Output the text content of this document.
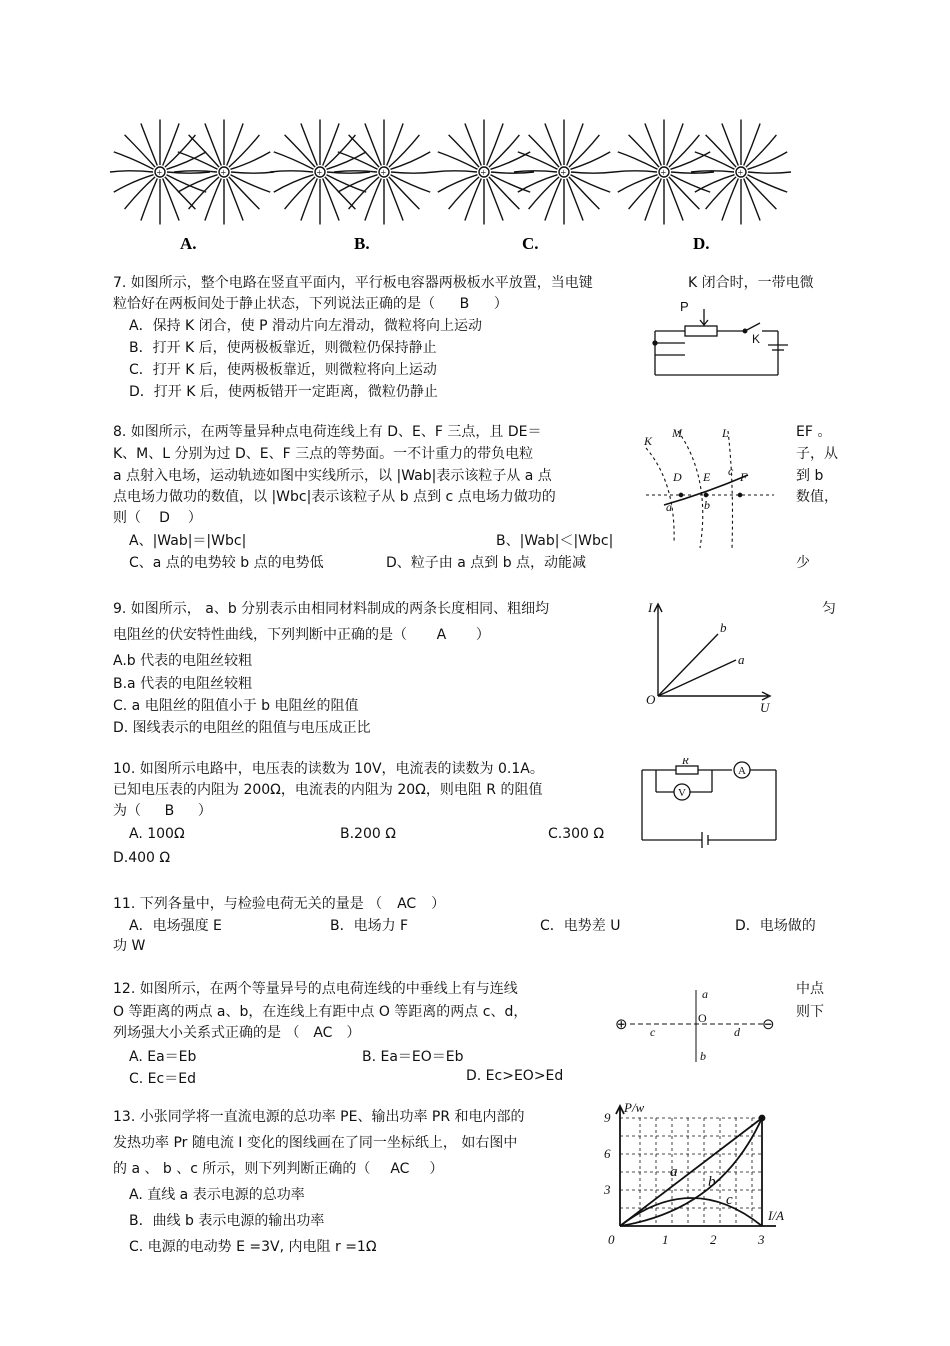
+	+	+	+	+	+	+	+
A.	B.	C.	D.
7. 如图所示，整个电路在竖直平面内，平行板电容器两极板水平放置，当电键	K 闭合时，一带电微
粒恰好在两板间处于静止状态，下列说法正确的是（ B ）
A．保持 K 闭合，使 P 滑动片向左滑动，微粒将向上运动
B．打开 K 后，使两极板靠近，则微粒仍保持静止
C．打开 K 后，使两极板靠近，则微粒将向上运动
D．打开 K 后，使两板错开一定距离，微粒仍静止
P
K
8. 如图所示，在两等量异种点电荷连线上有 D、E、F 三点，且 DE＝	EF 。
K、M、L 分别为过 D、E、F 三点的等势面。一不计重力的带负电粒	子，从
a 点射入电场，运动轨迹如图中实线所示，以 |Wab|表示该粒子从 a 点	到 b
点电场力做功的数值，以 |Wbc|表示该粒子从 b 点到 c 点电场力做功的	数值，
则（ D ）
A、|Wab|＝|Wbc|	B、|Wab|＜|Wbc|
C、a 点的电势较 b 点的电势低	D、粒子由 a 点到 b 点，动能减	少
K
M	L
D E F
a	b
c
9. 如图所示， a、b 分别表示由相同材料制成的两条长度相同、粗细均	匀
电阻丝的伏安特性曲线，下列判断中正确的是（ A ）
A.b 代表的电阻丝较粗
B.a 代表的电阻丝较粗
C. a 电阻丝的阻值小于 b 电阻丝的阻值
D. 图线表示的电阻丝的阻值与电压成正比
I
U
O
b
a
10. 如图所示电路中，电压表的读数为 10V，电流表的读数为 0.1A。
已知电压表的内阻为 200Ω，电流表的内阻为 20Ω，则电阻 R 的阻值
为（ B ）
A. 100Ω	B.200 Ω	C.300 Ω
D.400 Ω
R
A
V
11. 下列各量中，与检验电荷无关的量是 （ AC ）
A．电场强度 E	B．电场力 F	C．电势差 U	D．电场做的
功 W
12. 如图所示，在两个等量异号的点电荷连线的中垂线上有与连线	中点
O 等距离的两点 a、b，在连线上有距中点 O 等距离的两点 c、d，	则下
列场强大小关系式正确的是 （ AC ）
A. Ea＝Eb	B. Ea＝EO＝Eb
C. Ec＝Ed	D. Ec>EO>Ed
⊕	⊖
a
b
O
c	d
13. 小张同学将一直流电源的总功率 PE、输出功率 PR 和电内部的
发热功率 Pr 随电流 I 变化的图线画在了同一坐标纸上， 如右图中
的 a 、 b 、c 所示，则下列判断正确的（ AC ）
A. 直线 a 表示电源的总功率
B．曲线 b 表示电源的输出功率
C. 电源的电动势 E =3V, 内电阻 r =1Ω
P/w
I/A
9
6
3
0	1	2	3
a
b
c
